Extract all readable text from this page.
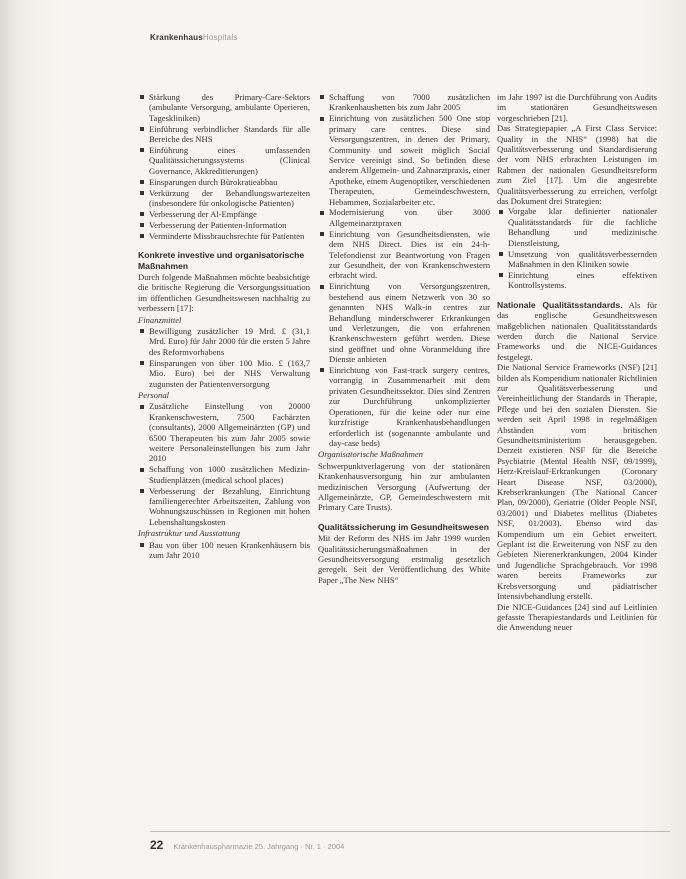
KrankenhausHospitals
Stärkung des Primary-Care-Sektors (ambulante Versorgung, ambulante Operieren, Tageskliniken)
Einführung verbindlicher Standards für alle Bereiche des NHS
Einführung eines umfassenden Qualitätssicherungssystems (Clinical Governance, Akkreditierungen)
Einsparungen durch Bürokratieabbau
Verkürzung der Behandlungswartezeiten (insbesondere für onkologische Patienten)
Verbesserung der Al-Empfänge
Verbesserung der Patienten-Information
Verminderte Missbrauchsrechte für Patienten
Konkrete investive und organisatorische Maßnahmen

Durch folgende Maßnahmen möchte beabsichtige die britische Regierung die Versorgungssituation im öffentlichen Gesundheitswesen nachhaltig zu verbessern [17]:

Finanzmittel
Bewilligung zusätzlicher 19 Mrd. £ (31,1 Mrd. Euro) für Jahr 2000 für die ersten 5 Jahre des Reformvorhabens
Einsparungen von über 100 Mio. £ (163,7 Mio. Euro) bei der NHS Verwaltung zugunsten der Patientenversorgung
Personal
Zusätzliche Einstellung von 20000 Krankenschwestern, 7500 Fachärzten (consultants), 2000 Allgemeinärzten (GP) und 6500 Therapeuten bis zum Jahr 2005 sowie weitere Personaleinstellungen bis zum Jahr 2010
Schaffung von 1000 zusätzlichen Medizin-Studienplätzen (medical school places)
Verbesserung der Bezahlung, Einrichtung familiengerechter Arbeitszeiten, Zahlung von Wohnungszuschüssen in Regionen mit hohen Lebenshaltungskosten
Infrastruktur und Ausstattung
Bau von über 100 neuen Krankenhäusern bis zum Jahr 2010
Schaffung von 7000 zusätzlichen Krankenhausbetten bis zum Jahr 2005
Einrichtung von zusätzlichen 500 One stop primary care centres. Diese sind Versorgungszentren, in denen der Primary, Community und soweit möglich Social Service vereinigt sind. So befinden diese anderem Allgemein- und Zahnarztpraxis, einer Apotheke, einem Augenoptiker, verschiedenen Therapeuten, Gemeindeschwestern, Hebammen, Sozialarbeiter etc.
Modernisierung von über 3000 Allgemeinarztpraxen
Einrichtung von Gesundheitsdiensten, wie dem NHS Direct. Dies ist ein 24-h-Telefondienst zur Beantwortung von Fragen zur Gesundheit, der von Krankenschwestern erbracht wird.
Einrichtung von Versorgungszentren, bestehend aus einem Netzwerk von 30 so genannten NHS Walk-in centres zur Behandlung minderschwerer Erkrankungen und Verletzungen, die von erfahrenen Krankenschwestern geführt werden. Diese sind geöffnet und ohne Voranmeldung ihre Dienste anbieten
Einrichtung von Fast-track surgery centres, vorrangig in Zusammenarbeit mit dem privaten Gesundheitssektor. Dies sind Zentren zur Durchführung unkomplizierter Operationen, für die keine oder nur eine kurzfristige Krankenhausbehandlungen erforderlich ist (sogenannte ambulante und day-case beds)
Organisatorische Maßnahmen

Schwerpunktverlagerung von der stationären Krankenhausversorgung hin zur ambulanten medizinischen Versorgung (Aufwertung der Allgemeinärzte, GP, Gemeindeschwestern mit Primary Care Trusts).

Qualitätssicherung im Gesundheitswesen

Mit der Reform des NHS im Jahr 1999 wurden Qualitätssicherungsmaßnahmen in der Gesundheitsversorgung erstmalig gesetzlich geregelt. Seit der Veröffentlichung des White Paper „The New NHS“

im Jahr 1997 ist die Durchführung von Audits im stationären Gesundheitswesen vorgeschrieben [21].

Das Strategiepapier „A First Class Service: Quality in the NHS“ (1998) hat die Qualitätsverbesserung und Standardisierung der vom NHS erbrachten Leistungen im Rahmen der nationalen Gesundheitsreform zum Ziel [17]. Um die angestrebte Qualitätsverbesserung zu erreichen, verfolgt das Dokument drei Strategien:

Vorgabe klar definierter nationaler Qualitätsstandards für die fachliche Behandlung und medizinische Dienstleistung,
Umsetzung von qualitätsverbessernden Maßnahmen in den Kliniken sowie
Einrichtung eines effektiven Kontrollsystems.

Nationale Qualitätsstandards. Als für das englische Gesundheitswesen maßgeblichen nationalen Qualitätsstandards werden durch die National Service Frameworks und die NICE-Guidances festgelegt.

Die National Service Frameworks (NSF) [21] bilden als Kompendium nationaler Richtlinien zur Qualitätsverbesserung und Vereinheitlichung der Standards in Therapie, Pflege und bei den sozialen Diensten. Sie werden seit April 1998 in regelmäßigen Abständen vom britischen Gesundheitsministerium herausgegeben. Derzeit existieren NSF für die Bereiche Psychiatrie (Mental Health NSF, 09/1999), Herz-Kreislauf-Erkrankungen (Coronary Heart Disease NSF, 03/2000), Krebserkrankungen (The National Cancer Plan, 09/2000), Geriatrie (Older People NSF, 03/2001) und Diabetes mellitus (Diabetes NSF, 01/2003). Ebenso wird das Kompendium um ein Gebiet erweitert. Geplant ist die Erweiterung von NSF zu den Gebieten Nierenerkrankungen, 2004 Kinder und Jugendliche Sprachgebrauch. Vor 1998 waren bereits Frameworks zur Krebsversorgung und pädiatrischer Intensivbehandlung erstellt.

Die NICE-Guidances [24] sind auf Leitlinien gefasste Therapiestandards und Leitlinien für die Anwendung neuer

22 Krankenhauspharmazie 25. Jahrgang · Nr. 1 · 2004
